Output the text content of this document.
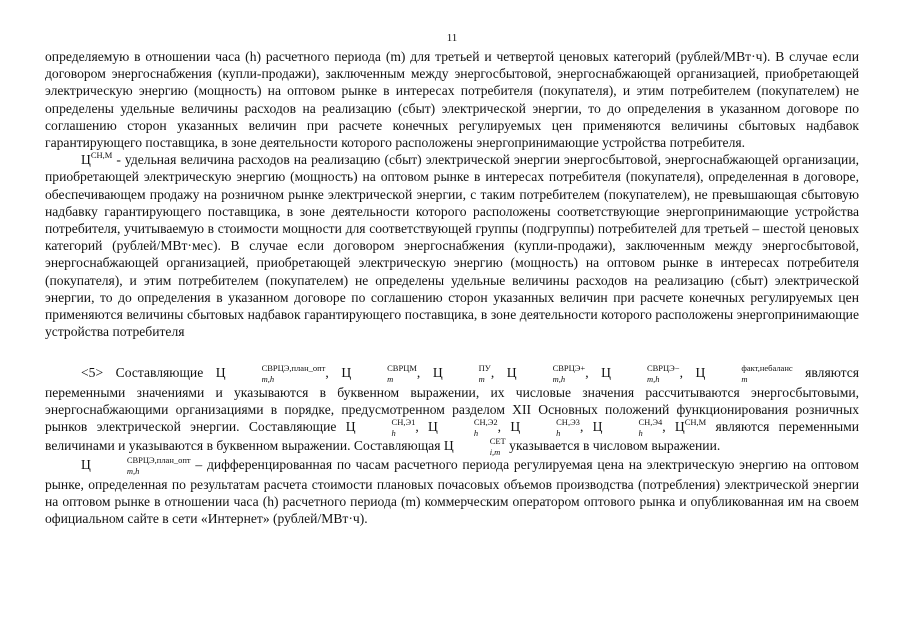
11

определяемую в отношении часа (h) расчетного периода (m) для третьей и четвертой ценовых категорий (рублей/МВт·ч). В случае если договором энергоснабжения (купли-продажи), заключенным между энергосбытовой, энергоснабжающей организацией, приобретающей электрическую энергию (мощность) на оптовом рынке в интересах потребителя (покупателя), и этим потребителем (покупателем) не определены удельные величины расходов на реализацию (сбыт) электрической энергии, то до определения в указанном договоре по соглашению сторон указанных величин при расчете конечных регулируемых цен применяются величины сбытовых надбавок гарантирующего поставщика, в зоне деятельности которого расположены энергопринимающие устройства потребителя.

$Ц^{СН,М}$ - удельная величина расходов на реализацию (сбыт) электрической энергии энергосбытовой, энергоснабжающей организации, приобретающей электрическую энергию (мощность) на оптовом рынке в интересах потребителя (покупателя), определенная в договоре, обеспечивающем продажу на розничном рынке электрической энергии, с таким потребителем (покупателем), не превышающая сбытовую надбавку гарантирующего поставщика, в зоне деятельности которого расположены соответствующие энергопринимающие устройства потребителя, учитываемую в стоимости мощности для соответствующей группы (подгруппы) потребителей для третьей – шестой ценовых категорий (рублей/МВт·мес). В случае если договором энергоснабжения (купли-продажи), заключенным между энергосбытовой, энергоснабжающей организацией, приобретающей электрическую энергию (мощность) на оптовом рынке в интересах потребителя (покупателя), и этим потребителем (покупателем) не определены удельные величины расходов на реализацию (сбыт) электрической энергии, то до определения в указанном договоре по соглашению сторон указанных величин при расчете конечных регулируемых цен применяются величины сбытовых надбавок гарантирующего поставщика, в зоне деятельности которого расположены энергопринимающие устройства потребителя

<5> Составляющие Ц	$^{СВРЦЭ,план\_опт}$
m,h	, Ц	$^{СВРЦМ}$
m , Ц	$^{ПУ}$
m , Ц	$^{СВРЦЭ+}$
m,h , Ц	$^{СВРЦЭ-}$
m,h , Ц	$^{факт,небаланс}$
m	являются переменными значениями и указываются в буквенном выражении, их числовые значения рассчитываются энергосбытовыми, энергоснабжающими организациями в порядке, предусмотренном разделом XII Основных положений функционирования розничных рынков электрической энергии. Составляющие Ц	$^{СН,Э1}$
h , Ц	$^{СН,Э2}$
h , Ц	$^{СН,Э3}$
h , Ц	$^{СН,Э4}$
h , $Ц^{СН,М}$ являются переменными величинами и указываются в буквенном выражении. Составляющая Ц	$^{СЕТ}$
i,m указывается в числовом выражении.

Ц	$^{СВРЦЭ,план\_опт}$
m,h	– дифференцированная по часам расчетного периода регулируемая цена на электрическую энергию на оптовом рынке, определенная по результатам расчета стоимости плановых почасовых объемов производства (потребления) электрической энергии на оптовом рынке в отношении часа (h) расчетного периода (m) коммерческим оператором оптового рынка и опубликованная им на своем официальном сайте в сети «Интернет» (рублей/МВт·ч).
